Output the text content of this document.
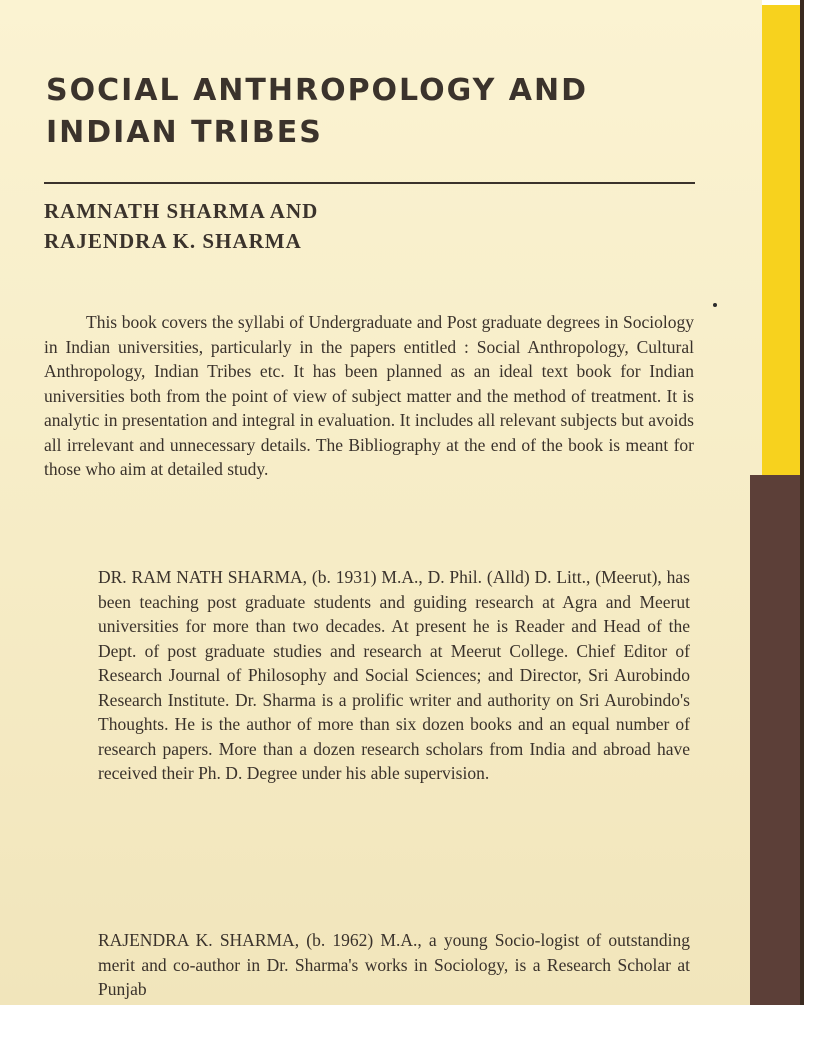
SOCIAL ANTHROPOLOGY AND
INDIAN TRIBES
RAMNATH SHARMA AND
RAJENDRA K. SHARMA

This book covers the syllabi of Undergraduate and Post graduate degrees in Sociology in Indian universities, particularly in the papers entitled : Social Anthropology, Cultural Anthropology, Indian Tribes etc. It has been planned as an ideal text book for Indian universities both from the point of view of subject matter and the method of treatment. It is analytic in presentation and integral in evaluation. It includes all relevant subjects but avoids all irrelevant and unnecessary details. The Bibliography at the end of the book is meant for those who aim at detailed study.

DR. RAM NATH SHARMA, (b. 1931) M.A., D. Phil. (Alld) D. Litt., (Meerut), has been teaching post graduate students and guiding research at Agra and Meerut universities for more than two decades. At present he is Reader and Head of the Dept. of post graduate studies and research at Meerut College. Chief Editor of Research Journal of Philosophy and Social Sciences; and Director, Sri Aurobindo Research Institute. Dr. Sharma is a prolific writer and authority on Sri Aurobindo's Thoughts. He is the author of more than six dozen books and an equal number of research papers. More than a dozen research scholars from India and abroad have received their Ph. D. Degree under his able supervision.

RAJENDRA K. SHARMA, (b. 1962) M.A., a young Socio-logist of outstanding merit and co-author in Dr. Sharma's works in Sociology, is a Research Scholar at Punjab
